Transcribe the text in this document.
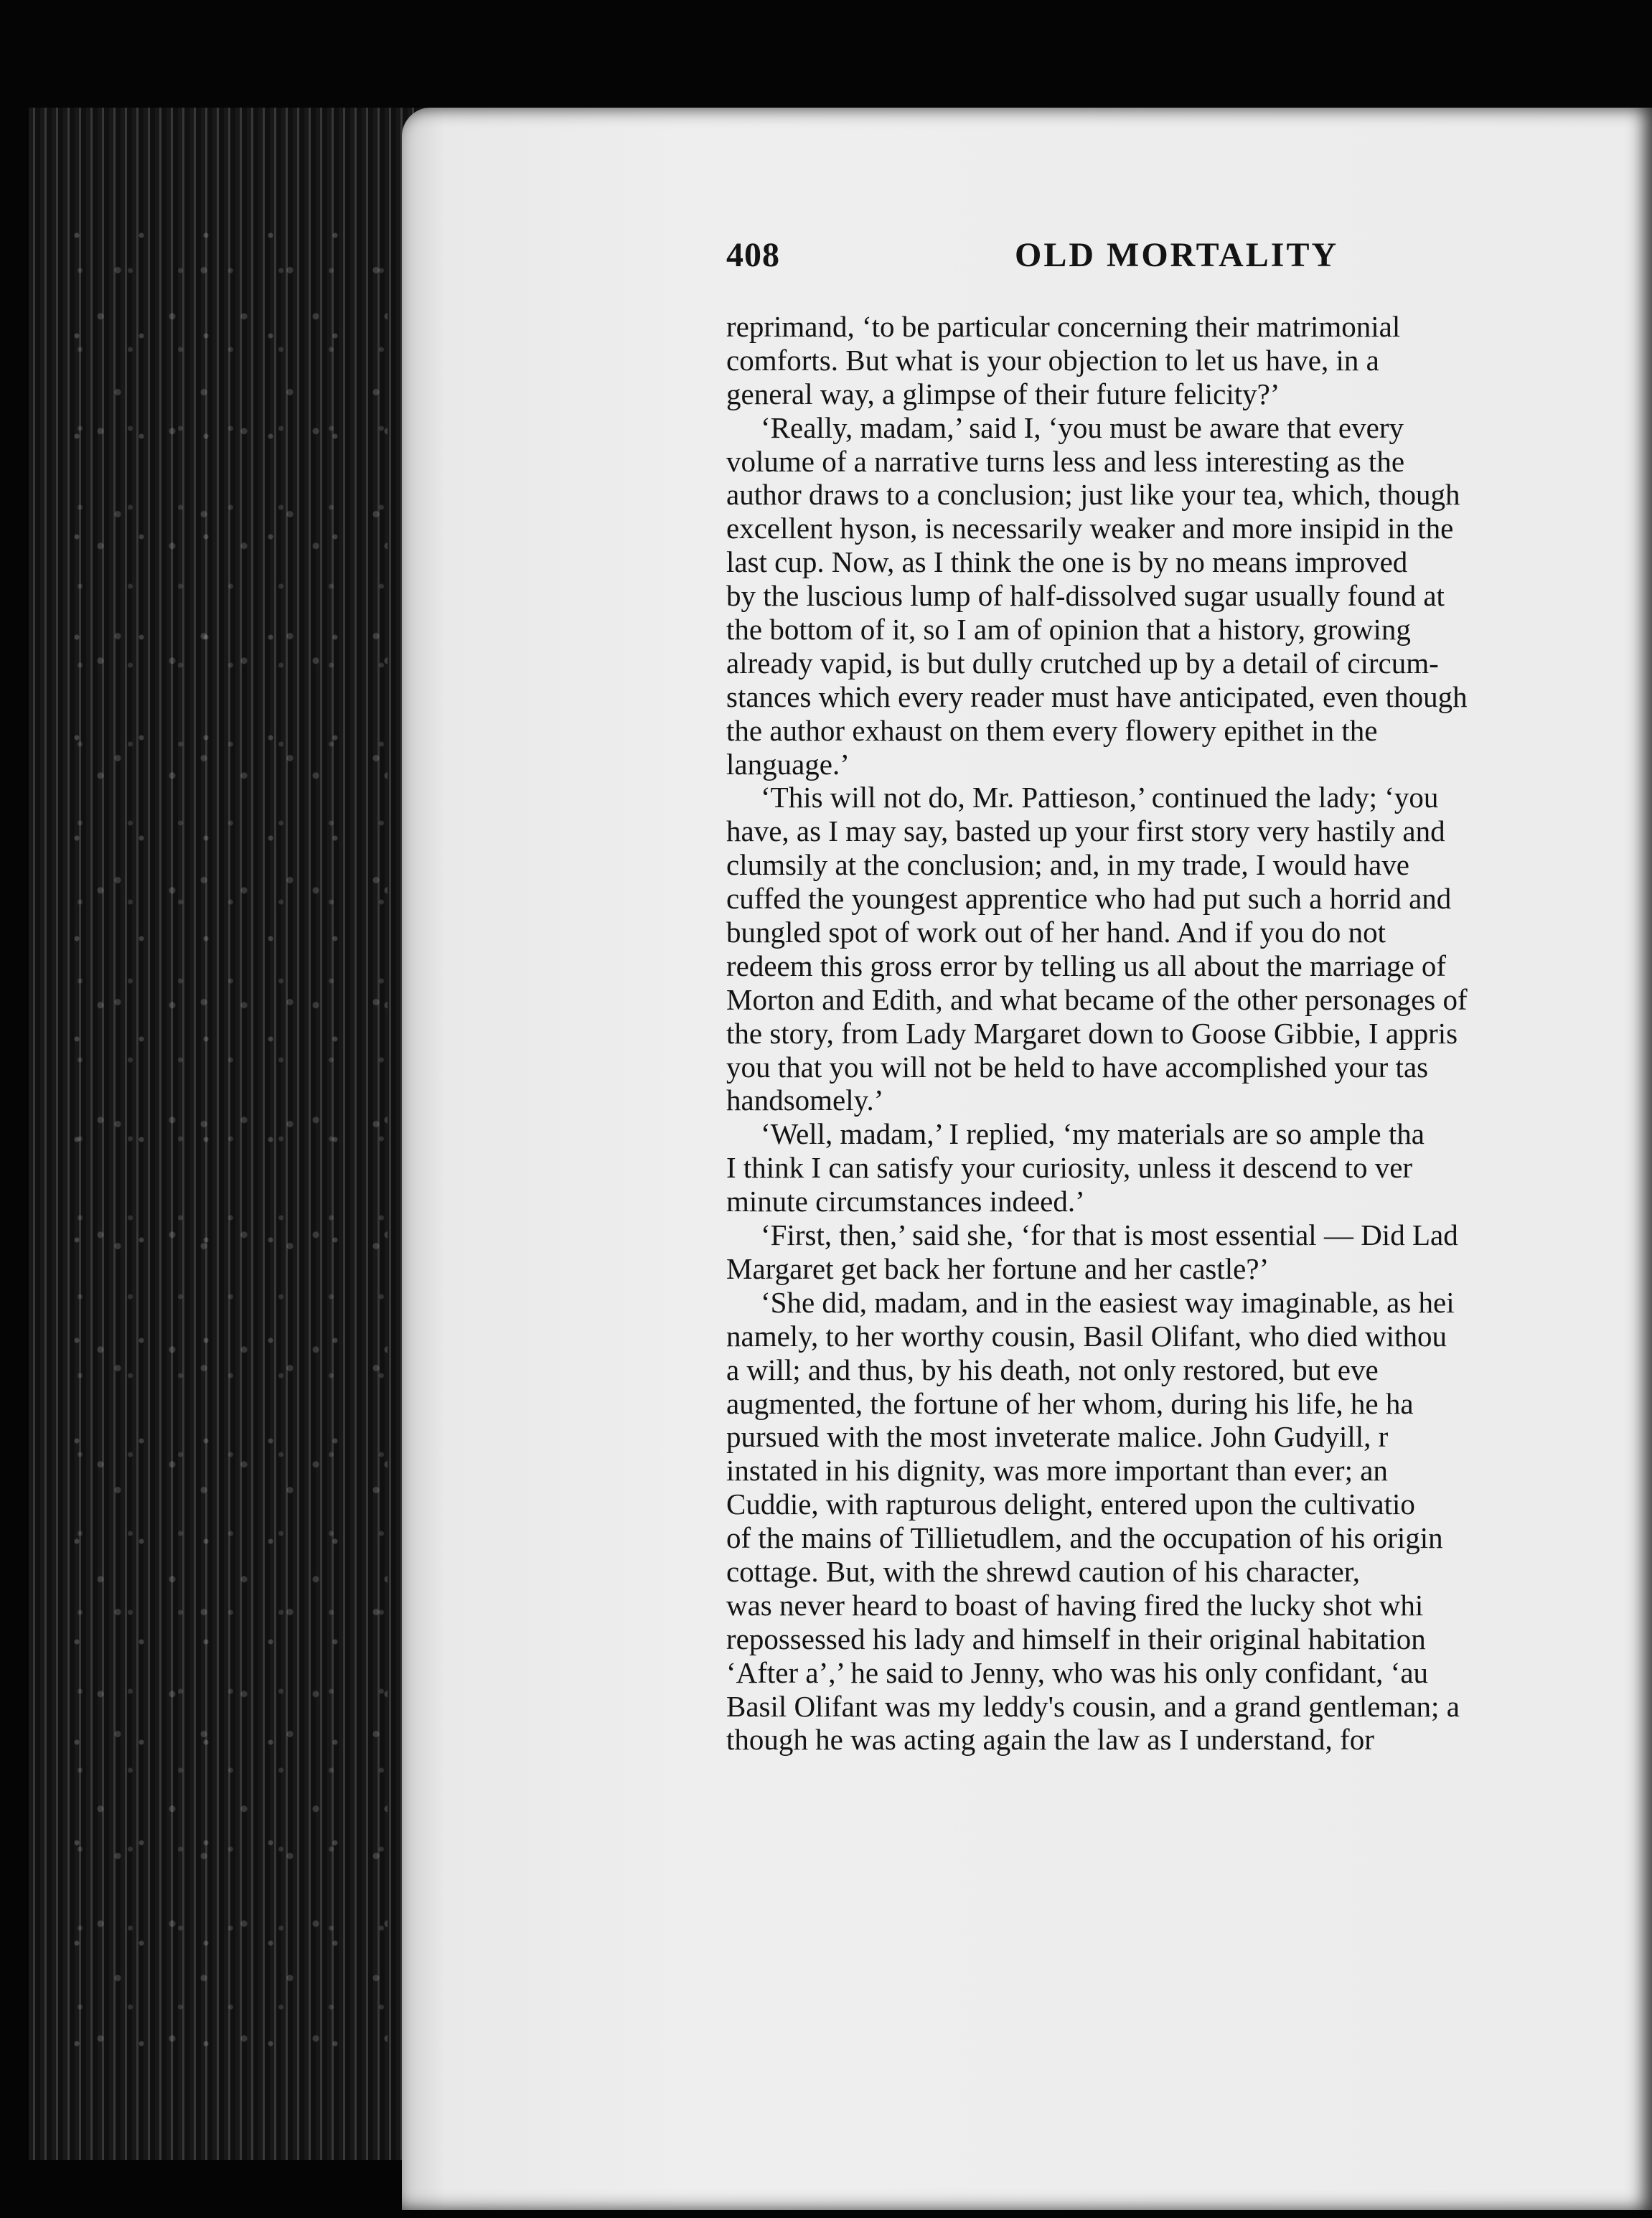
408	OLD MORTALITY
reprimand, ‘to be particular concerning their matrimonial
comforts. But what is your objection to let us have, in a
general way, a glimpse of their future felicity?’
‘Really, madam,’ said I, ‘you must be aware that every
volume of a narrative turns less and less interesting as the
author draws to a conclusion; just like your tea, which, though
excellent hyson, is necessarily weaker and more insipid in the
last cup. Now, as I think the one is by no means improved
by the luscious lump of half-dissolved sugar usually found at
the bottom of it, so I am of opinion that a history, growing
already vapid, is but dully crutched up by a detail of circum-
stances which every reader must have anticipated, even though
the author exhaust on them every flowery epithet in the
language.’
‘This will not do, Mr. Pattieson,’ continued the lady; ‘you
have, as I may say, basted up your first story very hastily and
clumsily at the conclusion; and, in my trade, I would have
cuffed the youngest apprentice who had put such a horrid and
bungled spot of work out of her hand. And if you do not
redeem this gross error by telling us all about the marriage of
Morton and Edith, and what became of the other personages of
the story, from Lady Margaret down to Goose Gibbie, I appris
you that you will not be held to have accomplished your tas
handsomely.’
‘Well, madam,’ I replied, ‘my materials are so ample tha
I think I can satisfy your curiosity, unless it descend to ver
minute circumstances indeed.’
‘First, then,’ said she, ‘for that is most essential — Did Lad
Margaret get back her fortune and her castle?’
‘She did, madam, and in the easiest way imaginable, as hei
namely, to her worthy cousin, Basil Olifant, who died withou
a will; and thus, by his death, not only restored, but eve
augmented, the fortune of her whom, during his life, he ha
pursued with the most inveterate malice. John Gudyill, r
instated in his dignity, was more important than ever; an
Cuddie, with rapturous delight, entered upon the cultivatio
of the mains of Tillietudlem, and the occupation of his origin
cottage. But, with the shrewd caution of his character,
was never heard to boast of having fired the lucky shot whi
repossessed his lady and himself in their original habitation
‘After a’,’ he said to Jenny, who was his only confidant, ‘au
Basil Olifant was my leddy's cousin, and a grand gentleman; a
though he was acting again the law as I understand, for
